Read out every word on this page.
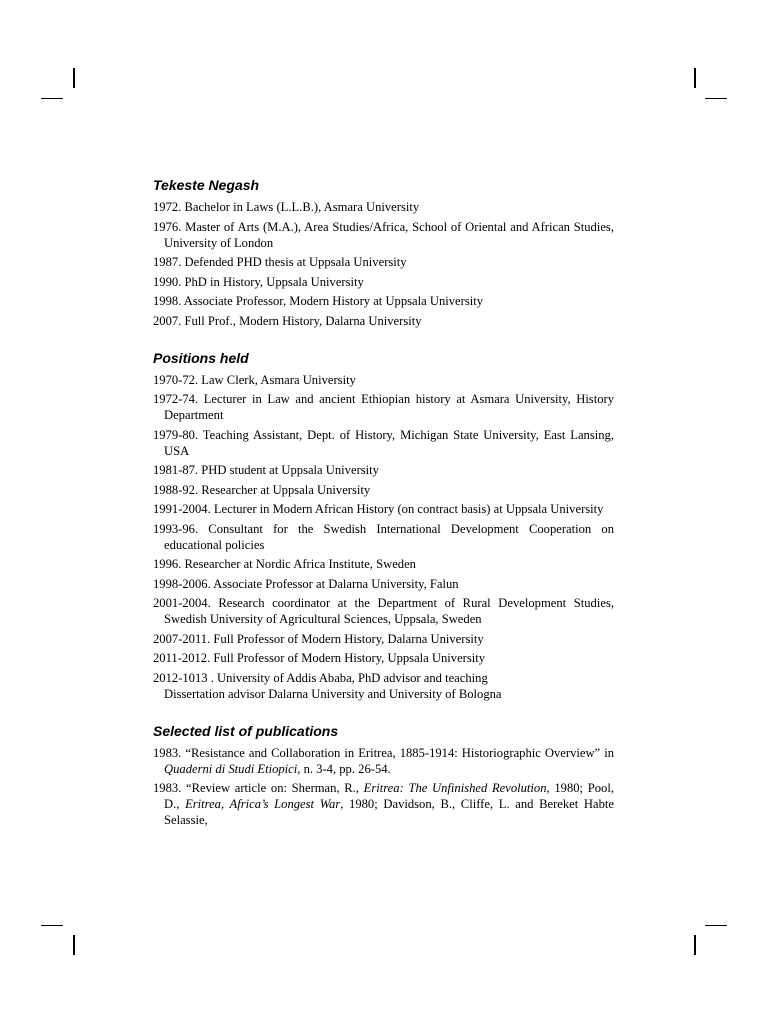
Tekeste Negash

1972. Bachelor in Laws (L.L.B.), Asmara University

1976. Master of Arts (M.A.), Area Studies/Africa, School of Oriental and African Studies, University of London

1987. Defended PHD thesis at Uppsala University

1990. PhD in History, Uppsala University

1998. Associate Professor, Modern History at Uppsala University

2007. Full Prof., Modern History, Dalarna University

Positions held

1970-72. Law Clerk, Asmara University

1972-74. Lecturer in Law and ancient Ethiopian history at Asmara University, History Department

1979-80. Teaching Assistant, Dept. of History, Michigan State University, East Lansing, USA

1981-87. PHD student at Uppsala University

1988-92. Researcher at Uppsala University

1991-2004. Lecturer in Modern African History (on contract basis) at Uppsala University

1993-96. Consultant for the Swedish International Development Cooperation on educational policies

1996. Researcher at Nordic Africa Institute, Sweden

1998-2006. Associate Professor at Dalarna University, Falun

2001-2004. Research coordinator at the Department of Rural Development Studies, Swedish University of Agricultural Sciences, Uppsala, Sweden

2007-2011. Full Professor of Modern History, Dalarna University

2011-2012. Full Professor of Modern History, Uppsala University

2012-1013 . University of Addis Ababa, PhD advisor and teaching
Dissertation advisor Dalarna University and University of Bologna

Selected list of publications

1983. “Resistance and Collaboration in Eritrea, 1885-1914: Historiographic Overview” in Quaderni di Studi Etiopici, n. 3-4, pp. 26-54.

1983. “Review article on: Sherman, R., Eritrea: The Unfinished Revolution, 1980; Pool, D., Eritrea, Africa’s Longest War, 1980; Davidson, B., Cliffe, L. and Bereket Habte Selassie,
